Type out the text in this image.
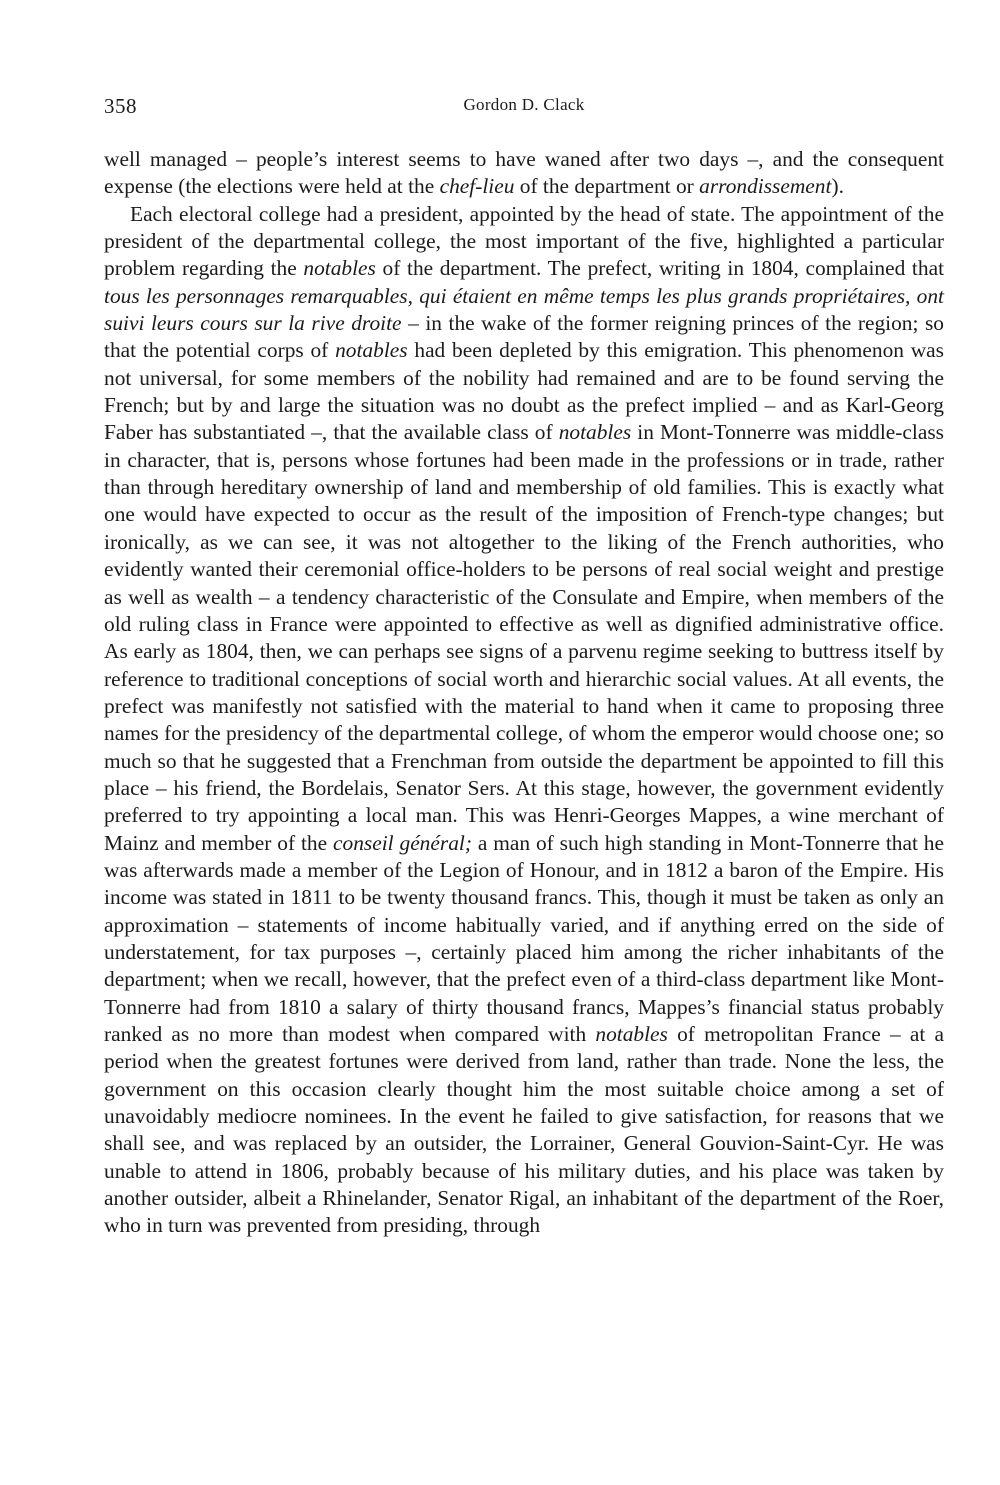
358	Gordon D. Clack

well managed – people’s interest seems to have waned after two days –, and the consequent expense (the elections were held at the chef-lieu of the department or arrondissement).

Each electoral college had a president, appointed by the head of state. The appointment of the president of the departmental college, the most important of the five, highlighted a particular problem regarding the notables of the department. The prefect, writing in 1804, complained that tous les personnages remarquables, qui étaient en même temps les plus grands propriétaires, ont suivi leurs cours sur la rive droite – in the wake of the former reigning princes of the region; so that the potential corps of notables had been depleted by this emigration. This phenomenon was not universal, for some members of the nobility had remained and are to be found serving the French; but by and large the situation was no doubt as the prefect implied – and as Karl-Georg Faber has substantiated –, that the available class of notables in Mont-Tonnerre was middle-class in character, that is, persons whose fortunes had been made in the professions or in trade, rather than through hereditary ownership of land and membership of old families. This is exactly what one would have expected to occur as the result of the imposition of French-type changes; but ironically, as we can see, it was not altogether to the liking of the French authorities, who evidently wanted their ceremonial office-holders to be persons of real social weight and prestige as well as wealth – a tendency characteristic of the Consulate and Empire, when members of the old ruling class in France were appointed to effective as well as dignified administrative office. As early as 1804, then, we can perhaps see signs of a parvenu regime seeking to buttress itself by reference to traditional conceptions of social worth and hierarchic social values. At all events, the prefect was manifestly not satisfied with the material to hand when it came to proposing three names for the presidency of the departmental college, of whom the emperor would choose one; so much so that he suggested that a Frenchman from outside the department be appointed to fill this place – his friend, the Bordelais, Senator Sers. At this stage, however, the government evidently preferred to try appointing a local man. This was Henri-Georges Mappes, a wine merchant of Mainz and member of the conseil général; a man of such high standing in Mont-Tonnerre that he was afterwards made a member of the Legion of Honour, and in 1812 a baron of the Empire. His income was stated in 1811 to be twenty thousand francs. This, though it must be taken as only an approximation – statements of income habitually varied, and if anything erred on the side of understatement, for tax purposes –, certainly placed him among the richer inhabitants of the department; when we recall, however, that the prefect even of a third-class department like Mont-Tonnerre had from 1810 a salary of thirty thousand francs, Mappes’s financial status probably ranked as no more than modest when compared with notables of metropolitan France – at a period when the greatest fortunes were derived from land, rather than trade. None the less, the government on this occasion clearly thought him the most suitable choice among a set of unavoidably mediocre nominees. In the event he failed to give satisfaction, for reasons that we shall see, and was replaced by an outsider, the Lorrainer, General Gouvion-Saint-Cyr. He was unable to attend in 1806, probably because of his military duties, and his place was taken by another outsider, albeit a Rhinelander, Senator Rigal, an inhabitant of the department of the Roer, who in turn was prevented from presiding, through
